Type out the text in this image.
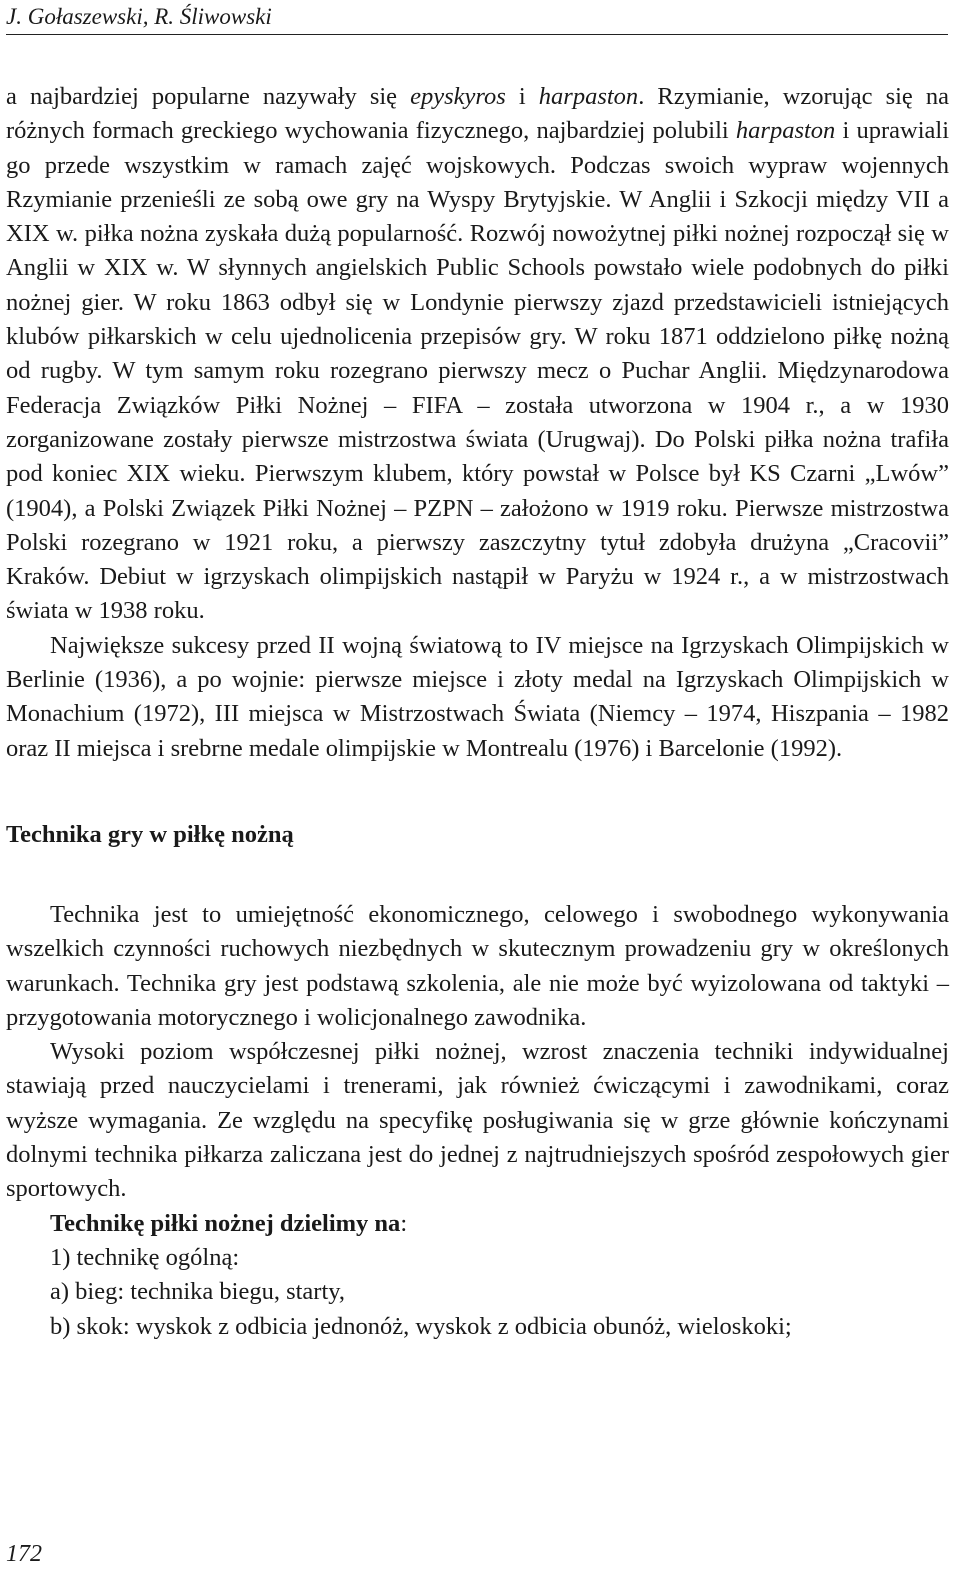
J. Gołaszewski, R. Śliwowski

a najbardziej popularne nazywały się epyskyros i harpaston. Rzymianie, wzorując się na różnych formach greckiego wychowania fizycznego, najbardziej polubili harpaston i uprawiali go przede wszystkim w ramach zajęć wojskowych. Podczas swoich wypraw wojennych Rzymianie przenieśli ze sobą owe gry na Wyspy Brytyjskie. W Anglii i Szkocji między VII a XIX w. piłka nożna zyskała dużą popularność. Rozwój nowożytnej piłki nożnej rozpoczął się w Anglii w XIX w. W słynnych angielskich Public Schools powstało wiele podobnych do piłki nożnej gier. W roku 1863 odbył się w Londynie pierwszy zjazd przedstawicieli istniejących klubów piłkarskich w celu ujednolicenia przepisów gry. W roku 1871 oddzielono piłkę nożną od rugby. W tym samym roku rozegrano pierwszy mecz o Puchar Anglii. Międzynarodowa Federacja Związków Piłki Nożnej – FIFA – została utworzona w 1904 r., a w 1930 zorganizowane zostały pierwsze mistrzostwa świata (Urugwaj). Do Polski piłka nożna trafiła pod koniec XIX wieku. Pierwszym klubem, który powstał w Polsce był KS Czarni „Lwów” (1904), a Polski Związek Piłki Nożnej – PZPN – założono w 1919 roku. Pierwsze mistrzostwa Polski rozegrano w 1921 roku, a pierwszy zaszczytny tytuł zdobyła drużyna „Cracovii” Kraków. Debiut w igrzyskach olimpijskich nastąpił w Paryżu w 1924 r., a w mistrzostwach świata w 1938 roku.

Największe sukcesy przed II wojną światową to IV miejsce na Igrzyskach Olimpijskich w Berlinie (1936), a po wojnie: pierwsze miejsce i złoty medal na Igrzyskach Olimpijskich w Monachium (1972), III miejsca w Mistrzostwach Świata (Niemcy – 1974, Hiszpania – 1982 oraz II miejsca i srebrne medale olimpijskie w Montrealu (1976) i Barcelonie (1992).

Technika gry w piłkę nożną

Technika jest to umiejętność ekonomicznego, celowego i swobodnego wykonywania wszelkich czynności ruchowych niezbędnych w skutecznym prowadzeniu gry w określonych warunkach. Technika gry jest podstawą szkolenia, ale nie może być wyizolowana od taktyki – przygotowania motorycznego i wolicjonalnego zawodnika.

Wysoki poziom współczesnej piłki nożnej, wzrost znaczenia techniki indywidualnej stawiają przed nauczycielami i trenerami, jak również ćwiczącymi i zawodnikami, coraz wyższe wymagania. Ze względu na specyfikę posługiwania się w grze głównie kończynami dolnymi technika piłkarza zaliczana jest do jednej z najtrudniejszych spośród zespołowych gier sportowych.

Technikę piłki nożnej dzielimy na:

1) technikę ogólną:

a) bieg: technika biegu, starty,

b) skok: wyskok z odbicia jednonóż, wyskok z odbicia obunóż, wieloskoki;

172
